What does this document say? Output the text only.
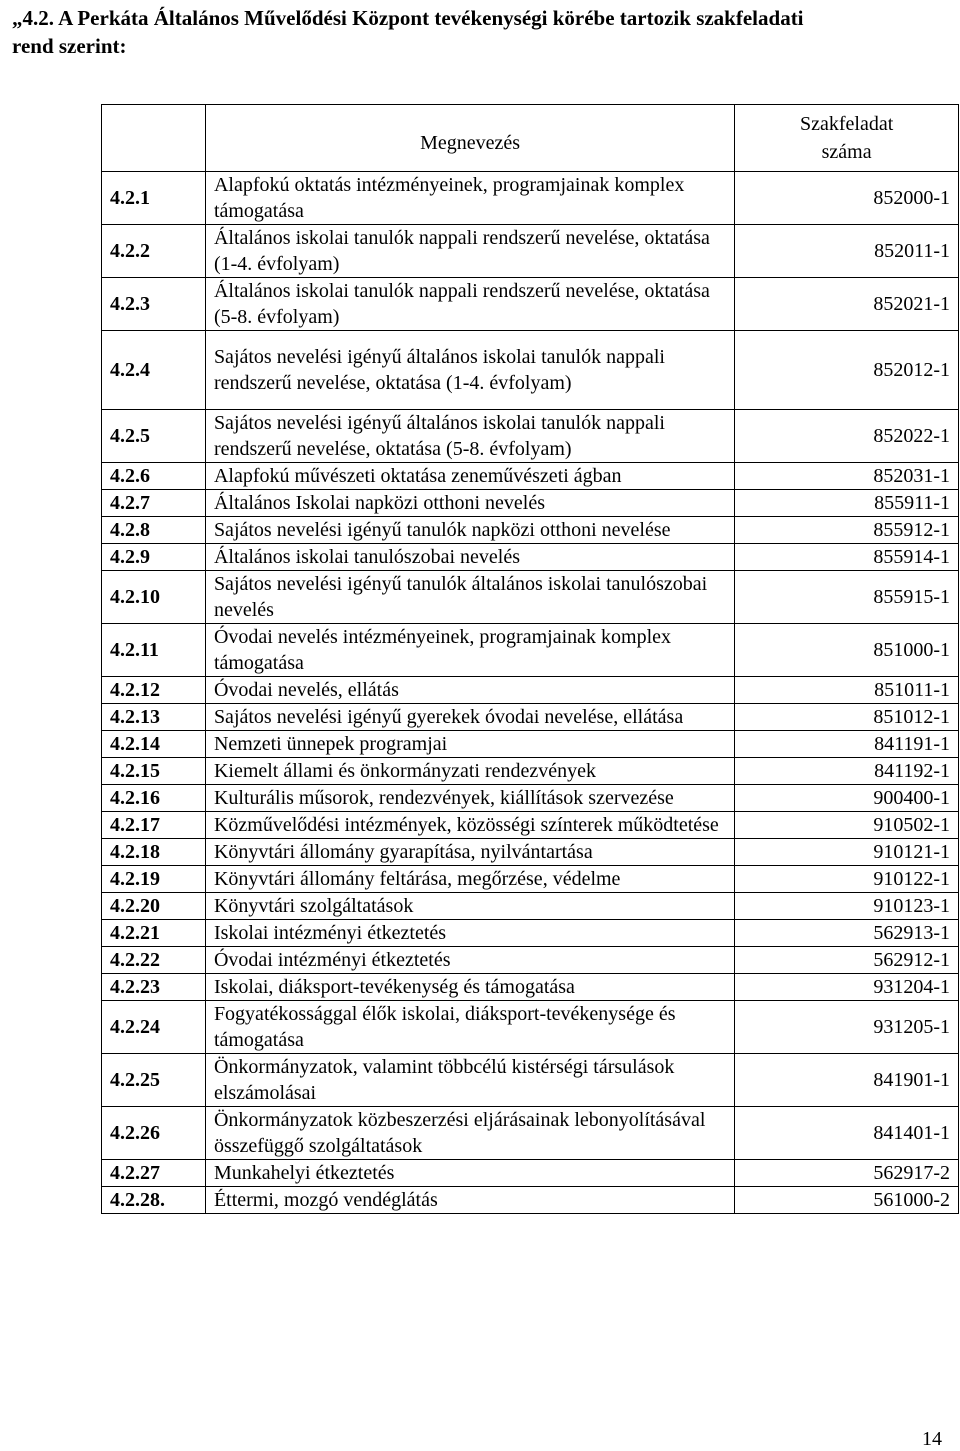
„4.2. A Perkáta Általános Művelődési Központ tevékenységi körébe tartozik szakfeladati
rend szerint:
	Megnevezés	Szakfeladat
száma
4.2.1	Alapfokú oktatás intézményeinek, programjainak komplex támogatása	852000-1
4.2.2	Általános iskolai tanulók nappali rendszerű nevelése, oktatása (1-4. évfolyam)	852011-1
4.2.3	Általános iskolai tanulók nappali rendszerű nevelése, oktatása (5-8. évfolyam)	852021-1
4.2.4	Sajátos nevelési igényű általános iskolai tanulók nappali rendszerű nevelése, oktatása (1-4. évfolyam)	852012-1
4.2.5	Sajátos nevelési igényű általános iskolai tanulók nappali rendszerű nevelése, oktatása (5-8. évfolyam)	852022-1
4.2.6	Alapfokú művészeti oktatása zeneművészeti ágban	852031-1
4.2.7	Általános Iskolai napközi otthoni nevelés	855911-1
4.2.8	Sajátos nevelési igényű tanulók napközi otthoni nevelése	855912-1
4.2.9	Általános iskolai tanulószobai nevelés	855914-1
4.2.10	Sajátos nevelési igényű tanulók általános iskolai tanulószobai nevelés	855915-1
4.2.11	Óvodai nevelés intézményeinek, programjainak komplex támogatása	851000-1
4.2.12	Óvodai nevelés, ellátás	851011-1
4.2.13	Sajátos nevelési igényű gyerekek óvodai nevelése, ellátása	851012-1
4.2.14	Nemzeti ünnepek programjai	841191-1
4.2.15	Kiemelt állami és önkormányzati rendezvények	841192-1
4.2.16	Kulturális műsorok, rendezvények, kiállítások szervezése	900400-1
4.2.17	Közművelődési intézmények, közösségi színterek működtetése	910502-1
4.2.18	Könyvtári állomány gyarapítása, nyilvántartása	910121-1
4.2.19	Könyvtári állomány feltárása, megőrzése, védelme	910122-1
4.2.20	Könyvtári szolgáltatások	910123-1
4.2.21	Iskolai intézményi étkeztetés	562913-1
4.2.22	Óvodai intézményi étkeztetés	562912-1
4.2.23	Iskolai, diáksport-tevékenység és támogatása	931204-1
4.2.24	Fogyatékossággal élők iskolai, diáksport-tevékenysége és támogatása	931205-1
4.2.25	Önkormányzatok, valamint többcélú kistérségi társulások elszámolásai	841901-1
4.2.26	Önkormányzatok közbeszerzési eljárásainak lebonyolításával összefüggő szolgáltatások	841401-1
4.2.27	Munkahelyi étkeztetés	562917-2
4.2.28.	Éttermi, mozgó vendéglátás	561000-2
14
